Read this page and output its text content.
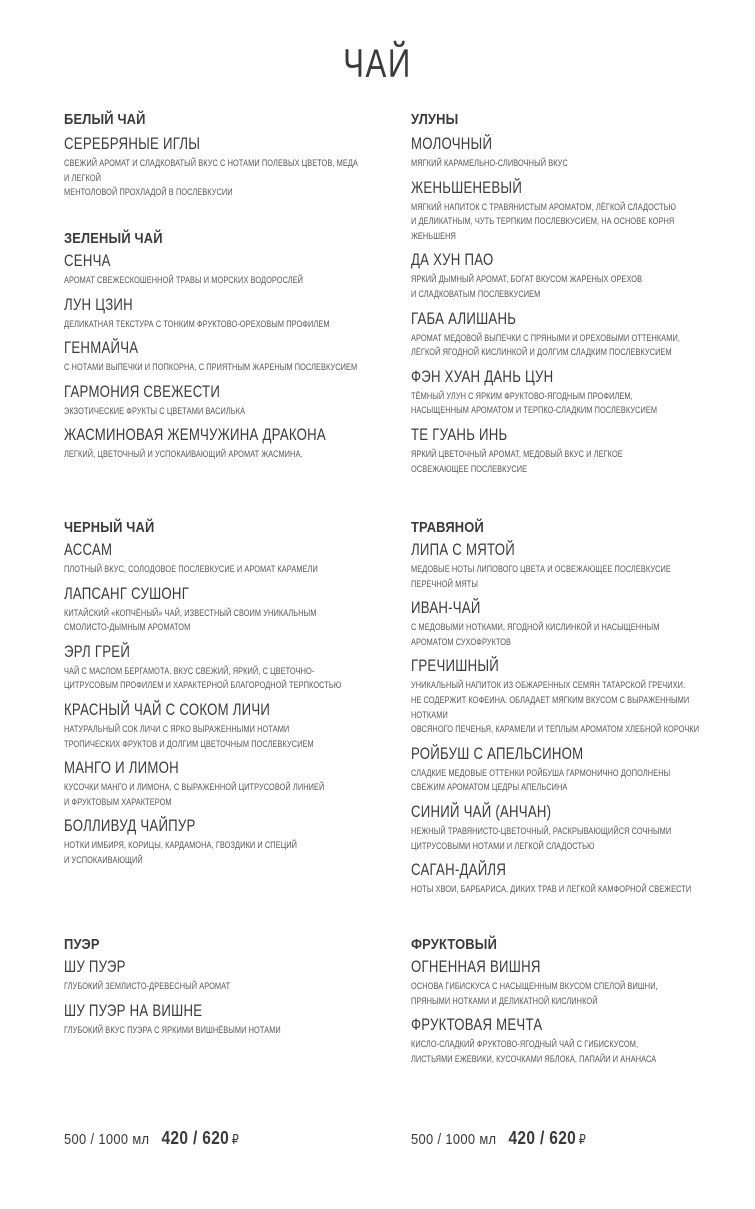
ЧАЙ
БЕЛЫЙ ЧАЙ
СЕРЕБРЯНЫЕ ИГЛЫ
СВЕЖИЙ АРОМАТ И СЛАДКОВАТЫЙ ВКУС С НОТАМИ ПОЛЕВЫХ ЦВЕТОВ, МЕДА И ЛЕГКОЙ
МЕНТОЛОВОЙ ПРОХЛАДОЙ В ПОСЛЕВКУСИИ
ЗЕЛЕНЫЙ ЧАЙ
СЕНЧА
АРОМАТ СВЕЖЕСКОШЕННОЙ ТРАВЫ И МОРСКИХ ВОДОРОСЛЕЙ
ЛУН ЦЗИН
ДЕЛИКАТНАЯ ТЕКСТУРА С ТОНКИМ ФРУКТОВО-ОРЕХОВЫМ ПРОФИЛЕМ
ГЕНМАЙЧА
С НОТАМИ ВЫПЕЧКИ И ПОПКОРНА, С ПРИЯТНЫМ ЖАРЕНЫМ ПОСЛЕВКУСИЕМ
ГАРМОНИЯ СВЕЖЕСТИ
ЭКЗОТИЧЕСКИЕ ФРУКТЫ С ЦВЕТАМИ ВАСИЛЬКА
ЖАСМИНОВАЯ ЖЕМЧУЖИНА ДРАКОНА
ЛЕГКИЙ, ЦВЕТОЧНЫЙ И УСПОКАИВАЮЩИЙ АРОМАТ ЖАСМИНА.
ЧЕРНЫЙ ЧАЙ
АССАМ
ПЛОТНЫЙ ВКУС, СОЛОДОВОЕ ПОСЛЕВКУСИЕ И АРОМАТ КАРАМЕЛИ
ЛАПСАНГ СУШОНГ
КИТАЙСКИЙ «КОПЧЁНЫЙ» ЧАЙ, ИЗВЕСТНЫЙ СВОИМ УНИКАЛЬНЫМ
СМОЛИСТО-ДЫМНЫМ АРОМАТОМ
ЭРЛ ГРЕЙ
ЧАЙ С МАСЛОМ БЕРГАМОТА. ВКУС СВЕЖИЙ, ЯРКИЙ, С ЦВЕТОЧНО-
ЦИТРУСОВЫМ ПРОФИЛЕМ И ХАРАКТЕРНОЙ БЛАГОРОДНОЙ ТЕРПКОСТЬЮ
КРАСНЫЙ ЧАЙ С СОКОМ ЛИЧИ
НАТУРАЛЬНЫЙ СОК ЛИЧИ С ЯРКО ВЫРАЖЕННЫМИ НОТАМИ
ТРОПИЧЕСКИХ ФРУКТОВ И ДОЛГИМ ЦВЕТОЧНЫМ ПОСЛЕВКУСИЕМ
МАНГО И ЛИМОН
КУСОЧКИ МАНГО И ЛИМОНА, С ВЫРАЖЕННОЙ ЦИТРУСОВОЙ ЛИНИЕЙ
И ФРУКТОВЫМ ХАРАКТЕРОМ
БОЛЛИВУД ЧАЙПУР
НОТКИ ИМБИРЯ, КОРИЦЫ, КАРДАМОНА, ГВОЗДИКИ И СПЕЦИЙ
И УСПОКАИВАЮЩИЙ
ПУЭР
ШУ ПУЭР
ГЛУБОКИЙ ЗЕМЛИСТО-ДРЕВЕСНЫЙ АРОМАТ
ШУ ПУЭР НА ВИШНЕ
ГЛУБОКИЙ ВКУС ПУЭРА С ЯРКИМИ ВИШНЁВЫМИ НОТАМИ
УЛУНЫ
МОЛОЧНЫЙ
МЯГКИЙ КАРАМЕЛЬНО-СЛИВОЧНЫЙ ВКУС
ЖЕНЬШЕНЕВЫЙ
МЯГКИЙ НАПИТОК С ТРАВЯНИСТЫМ АРОМАТОМ, ЛЁГКОЙ СЛАДОСТЬЮ
И ДЕЛИКАТНЫМ, ЧУТЬ ТЕРПКИМ ПОСЛЕВКУСИЕМ, НА ОСНОВЕ КОРНЯ ЖЕНЬШЕНЯ
ДА ХУН ПАО
ЯРКИЙ ДЫМНЫЙ АРОМАТ, БОГАТ ВКУСОМ ЖАРЕНЫХ ОРЕХОВ
И СЛАДКОВАТЫМ ПОСЛЕВКУСИЕМ
ГАБА АЛИШАНЬ
АРОМАТ МЕДОВОЙ ВЫПЕЧКИ С ПРЯНЫМИ И ОРЕХОВЫМИ ОТТЕНКАМИ,
ЛЁГКОЙ ЯГОДНОЙ КИСЛИНКОЙ И ДОЛГИМ СЛАДКИМ ПОСЛЕВКУСИЕМ
ФЭН ХУАН ДАНЬ ЦУН
ТЁМНЫЙ УЛУН С ЯРКИМ ФРУКТОВО-ЯГОДНЫМ ПРОФИЛЕМ,
НАСЫЩЕННЫМ АРОМАТОМ И ТЕРПКО-СЛАДКИМ ПОСЛЕВКУСИЕМ
ТЕ ГУАНЬ ИНЬ
ЯРКИЙ ЦВЕТОЧНЫЙ АРОМАТ, МЕДОВЫЙ ВКУС И ЛЕГКОЕ
ОСВЕЖАЮЩЕЕ ПОСЛЕВКУСИЕ
ТРАВЯНОЙ
ЛИПА С МЯТОЙ
МЕДОВЫЕ НОТЫ ЛИПОВОГО ЦВЕТА И ОСВЕЖАЮЩЕЕ ПОСЛЕВКУСИЕ
ПЕРЕЧНОЙ МЯТЫ
ИВАН-ЧАЙ
С МЕДОВЫМИ НОТКАМИ, ЯГОДНОЙ КИСЛИНКОЙ И НАСЫЩЕННЫМ
АРОМАТОМ СУХОФРУКТОВ
ГРЕЧИШНЫЙ
УНИКАЛЬНЫЙ НАПИТОК ИЗ ОБЖАРЕННЫХ СЕМЯН ТАТАРСКОЙ ГРЕЧИХИ.
НЕ СОДЕРЖИТ КОФЕИНА. ОБЛАДАЕТ МЯГКИМ ВКУСОМ С ВЫРАЖЕННЫМИ НОТКАМИ
ОВСЯНОГО ПЕЧЕНЬЯ, КАРАМЕЛИ И ТЕПЛЫМ АРОМАТОМ ХЛЕБНОЙ КОРОЧКИ
РОЙБУШ С АПЕЛЬСИНОМ
СЛАДКИЕ МЕДОВЫЕ ОТТЕНКИ РОЙБУША ГАРМОНИЧНО ДОПОЛНЕНЫ
СВЕЖИМ АРОМАТОМ ЦЕДРЫ АПЕЛЬСИНА
СИНИЙ ЧАЙ (АНЧАН)
НЕЖНЫЙ ТРАВЯНИСТО-ЦВЕТОЧНЫЙ, РАСКРЫВАЮЩИЙСЯ СОЧНЫМИ
ЦИТРУСОВЫМИ НОТАМИ И ЛЕГКОЙ СЛАДОСТЬЮ
САГАН-ДАЙЛЯ
НОТЫ ХВОИ, БАРБАРИСА, ДИКИХ ТРАВ И ЛЕГКОЙ КАМФОРНОЙ СВЕЖЕСТИ
ФРУКТОВЫЙ
ОГНЕННАЯ ВИШНЯ
ОСНОВА ГИБИСКУСА С НАСЫЩЕННЫМ ВКУСОМ СПЕЛОЙ ВИШНИ,
ПРЯНЫМИ НОТКАМИ И ДЕЛИКАТНОЙ КИСЛИНКОЙ
ФРУКТОВАЯ МЕЧТА
КИСЛО-СЛАДКИЙ ФРУКТОВО-ЯГОДНЫЙ ЧАЙ С ГИБИСКУСОМ,
ЛИСТЬЯМИ ЕЖЕВИКИ, КУСОЧКАМИ ЯБЛОКА, ПАПАЙИ И АНАНАСА
500 / 1000 мл 420 / 620 ₽	500 / 1000 мл 420 / 620 ₽
